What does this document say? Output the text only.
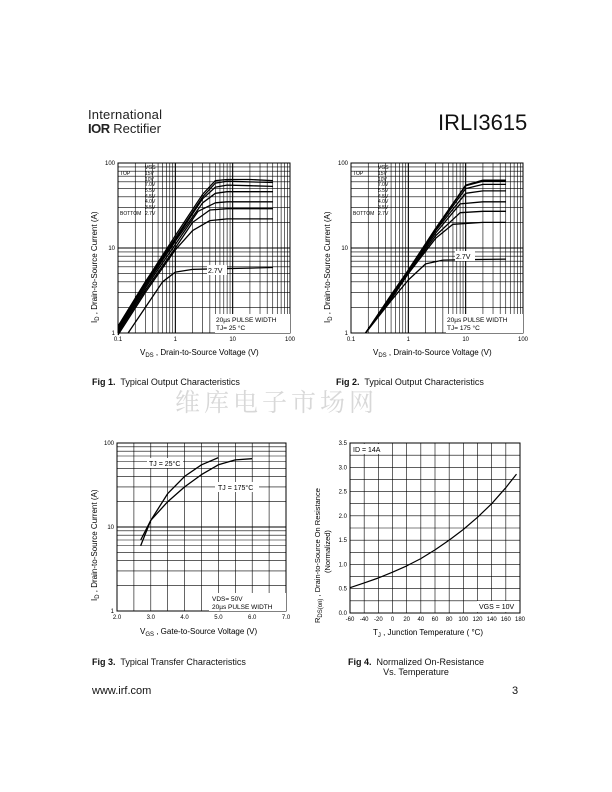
International
IOR Rectifier	IRLI3615
维库电子市场网
0.1	1	10	100
1
10
100
$I_D$ , Drain-to-Source Current (A)
$V_{DS}$ , Drain-to-Source Voltage (V)
VGS
TOP
BOTTOM
15V
10V
7.0V
5.5V
4.5V
4.0V
3.5V
2.7V
2.7V
20µs PULSE WIDTH
TJ= 25 °C
Fig 1. Typical Output Characteristics
0.1	1	10	100
1
10
100
$I_D$ , Drain-to-Source Current (A)
$V_{DS}$ , Drain-to-Source Voltage (V)
VGS
TOP
BOTTOM
15V
10V
7.0V
5.5V
4.5V
4.0V
3.5V
2.7V
2.7V
20µs PULSE WIDTH
TJ= 175 °C
Fig 2. Typical Output Characteristics
2.0	3.0	4.0	5.0	6.0	7.0
1
10
100
$I_D$ , Drain-to-Source Current (A)
$V_{GS}$ , Gate-to-Source Voltage (V)
TJ = 25°C
TJ = 175°C
VDS= 50V
20µs PULSE WIDTH
Fig 3. Typical Transfer Characteristics
-60 -40 -20 0 20 40 60 80 100 120 140 160 180
0.0
0.5
1.0
1.5
2.0
2.5
3.0
3.5
$R_{DS(on)}$ , Drain-to-Source On Resistance (Normalized)
$T_J$ , Junction Temperature ( °C)
ID = 14A
VGS = 10V
Fig 4. Normalized On-Resistance
Vs. Temperature
www.irf.com	3
